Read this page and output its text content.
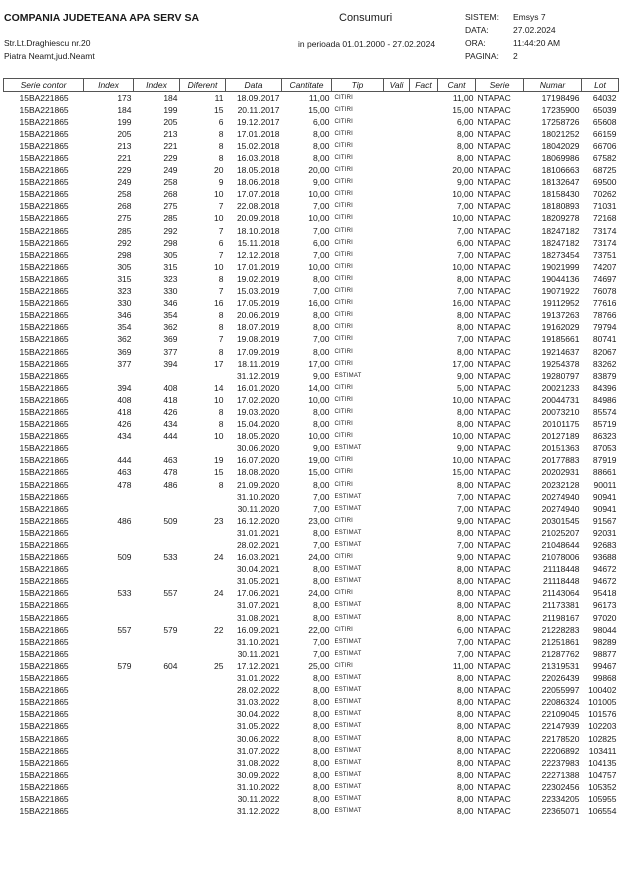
COMPANIA JUDETEANA APA SERV SA	Consumuri
Str.Lt.Draghiescu nr.20
Piatra Neamt,jud.Neamt
in perioada 01.01.2000 - 27.02.2024
SISTEM: Emsys 7
DATA:	27.02.2024
ORA:	11:44:20 AM
PAGINA: 2
Serie contor	Index	Index	Diferent	Data	Cantitate	Tip	Vali	Fact	Cant	Serie	Numar	Lot
15BA221865	173	184	11	18.09.2017	11,00	CITIRI			11,00	NTAPAC	17198496	64032
15BA221865	184	199	15	20.11.2017	15,00	CITIRI			15,00	NTAPAC	17235900	65039
15BA221865	199	205	6	19.12.2017	6,00	CITIRI			6,00	NTAPAC	17258726	65608
15BA221865	205	213	8	17.01.2018	8,00	CITIRI			8,00	NTAPAC	18021252	66159
15BA221865	213	221	8	15.02.2018	8,00	CITIRI			8,00	NTAPAC	18042029	66706
15BA221865	221	229	8	16.03.2018	8,00	CITIRI			8,00	NTAPAC	18069986	67582
15BA221865	229	249	20	18.05.2018	20,00	CITIRI			20,00	NTAPAC	18106663	68725
15BA221865	249	258	9	18.06.2018	9,00	CITIRI			9,00	NTAPAC	18132647	69500
15BA221865	258	268	10	17.07.2018	10,00	CITIRI			10,00	NTAPAC	18158430	70262
15BA221865	268	275	7	22.08.2018	7,00	CITIRI			7,00	NTAPAC	18180893	71031
15BA221865	275	285	10	20.09.2018	10,00	CITIRI			10,00	NTAPAC	18209278	72168
15BA221865	285	292	7	18.10.2018	7,00	CITIRI			7,00	NTAPAC	18247182	73174
15BA221865	292	298	6	15.11.2018	6,00	CITIRI			6,00	NTAPAC	18247182	73174
15BA221865	298	305	7	12.12.2018	7,00	CITIRI			7,00	NTAPAC	18273454	73751
15BA221865	305	315	10	17.01.2019	10,00	CITIRI			10,00	NTAPAC	19021999	74207
15BA221865	315	323	8	19.02.2019	8,00	CITIRI			8,00	NTAPAC	19044136	74697
15BA221865	323	330	7	15.03.2019	7,00	CITIRI			7,00	NTAPAC	19071922	76078
15BA221865	330	346	16	17.05.2019	16,00	CITIRI			16,00	NTAPAC	19112952	77616
15BA221865	346	354	8	20.06.2019	8,00	CITIRI			8,00	NTAPAC	19137263	78766
15BA221865	354	362	8	18.07.2019	8,00	CITIRI			8,00	NTAPAC	19162029	79794
15BA221865	362	369	7	19.08.2019	7,00	CITIRI			7,00	NTAPAC	19185661	80741
15BA221865	369	377	8	17.09.2019	8,00	CITIRI			8,00	NTAPAC	19214637	82067
15BA221865	377	394	17	18.11.2019	17,00	CITIRI			17,00	NTAPAC	19254378	83262
15BA221865				31.12.2019	9,00	ESTIMAT			9,00	NTAPAC	19280797	83879
15BA221865	394	408	14	16.01.2020	14,00	CITIRI			5,00	NTAPAC	20021233	84396
15BA221865	408	418	10	17.02.2020	10,00	CITIRI			10,00	NTAPAC	20044731	84986
15BA221865	418	426	8	19.03.2020	8,00	CITIRI			8,00	NTAPAC	20073210	85574
15BA221865	426	434	8	15.04.2020	8,00	CITIRI			8,00	NTAPAC	20101175	85719
15BA221865	434	444	10	18.05.2020	10,00	CITIRI			10,00	NTAPAC	20127189	86323
15BA221865				30.06.2020	9,00	ESTIMAT			9,00	NTAPAC	20151363	87053
15BA221865	444	463	19	16.07.2020	19,00	CITIRI			10,00	NTAPAC	20177883	87919
15BA221865	463	478	15	18.08.2020	15,00	CITIRI			15,00	NTAPAC	20202931	88661
15BA221865	478	486	8	21.09.2020	8,00	CITIRI			8,00	NTAPAC	20232128	90011
15BA221865				31.10.2020	7,00	ESTIMAT			7,00	NTAPAC	20274940	90941
15BA221865				30.11.2020	7,00	ESTIMAT			7,00	NTAPAC	20274940	90941
15BA221865	486	509	23	16.12.2020	23,00	CITIRI			9,00	NTAPAC	20301545	91567
15BA221865				31.01.2021	8,00	ESTIMAT			8,00	NTAPAC	21025207	92031
15BA221865				28.02.2021	7,00	ESTIMAT			7,00	NTAPAC	21048644	92683
15BA221865	509	533	24	16.03.2021	24,00	CITIRI			9,00	NTAPAC	21078006	93688
15BA221865				30.04.2021	8,00	ESTIMAT			8,00	NTAPAC	21118448	94672
15BA221865				31.05.2021	8,00	ESTIMAT			8,00	NTAPAC	21118448	94672
15BA221865	533	557	24	17.06.2021	24,00	CITIRI			8,00	NTAPAC	21143064	95418
15BA221865				31.07.2021	8,00	ESTIMAT			8,00	NTAPAC	21173381	96173
15BA221865				31.08.2021	8,00	ESTIMAT			8,00	NTAPAC	21198167	97020
15BA221865	557	579	22	16.09.2021	22,00	CITIRI			6,00	NTAPAC	21228283	98044
15BA221865				31.10.2021	7,00	ESTIMAT			7,00	NTAPAC	21251861	98289
15BA221865				30.11.2021	7,00	ESTIMAT			7,00	NTAPAC	21287762	98877
15BA221865	579	604	25	17.12.2021	25,00	CITIRI			11,00	NTAPAC	21319531	99467
15BA221865				31.01.2022	8,00	ESTIMAT			8,00	NTAPAC	22026439	99868
15BA221865				28.02.2022	8,00	ESTIMAT			8,00	NTAPAC	22055997	100402
15BA221865				31.03.2022	8,00	ESTIMAT			8,00	NTAPAC	22086324	101005
15BA221865				30.04.2022	8,00	ESTIMAT			8,00	NTAPAC	22109045	101576
15BA221865				31.05.2022	8,00	ESTIMAT			8,00	NTAPAC	22147939	102203
15BA221865				30.06.2022	8,00	ESTIMAT			8,00	NTAPAC	22178520	102825
15BA221865				31.07.2022	8,00	ESTIMAT			8,00	NTAPAC	22206892	103411
15BA221865				31.08.2022	8,00	ESTIMAT			8,00	NTAPAC	22237983	104135
15BA221865				30.09.2022	8,00	ESTIMAT			8,00	NTAPAC	22271388	104757
15BA221865				31.10.2022	8,00	ESTIMAT			8,00	NTAPAC	22302456	105352
15BA221865				30.11.2022	8,00	ESTIMAT			8,00	NTAPAC	22334205	105955
15BA221865				31.12.2022	8,00	ESTIMAT			8,00	NTAPAC	22365071	106554
